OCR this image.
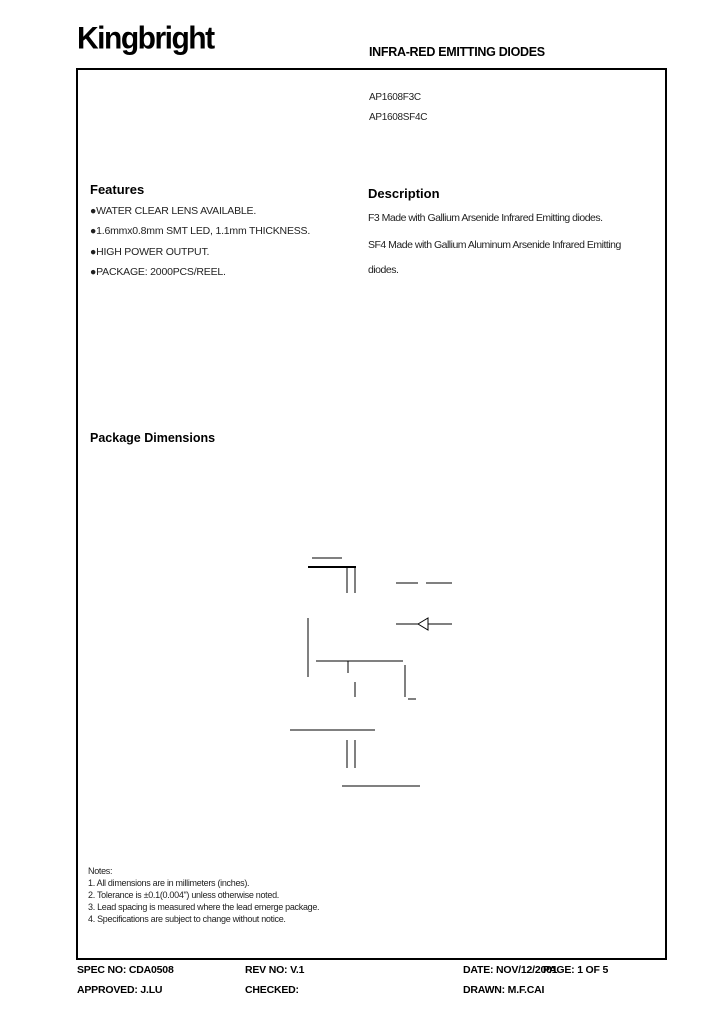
Kingbright	INFRA-RED EMITTING DIODES
AP1608F3C
AP1608SF4C
Features
●WATER CLEAR LENS AVAILABLE.
●1.6mmx0.8mm SMT LED, 1.1mm THICKNESS.
●HIGH POWER OUTPUT.
●PACKAGE: 2000PCS/REEL.
Description
F3 Made with Gallium Arsenide Infrared Emitting diodes.
SF4 Made with Gallium Aluminum Arsenide Infrared Emitting
diodes.
Package Dimensions
Notes:
1. All dimensions are in millimeters (inches).
2. Tolerance is ±0.1(0.004") unless otherwise noted.
3. Lead spacing is measured where the lead emerge package.
4. Specifications are subject to change without notice.
SPEC NO: CDA0508	REV NO: V.1	DATE: NOV/12/2001
PAGE: 1 OF 5
APPROVED: J.LU	CHECKED:	DRAWN: M.F.CAI
